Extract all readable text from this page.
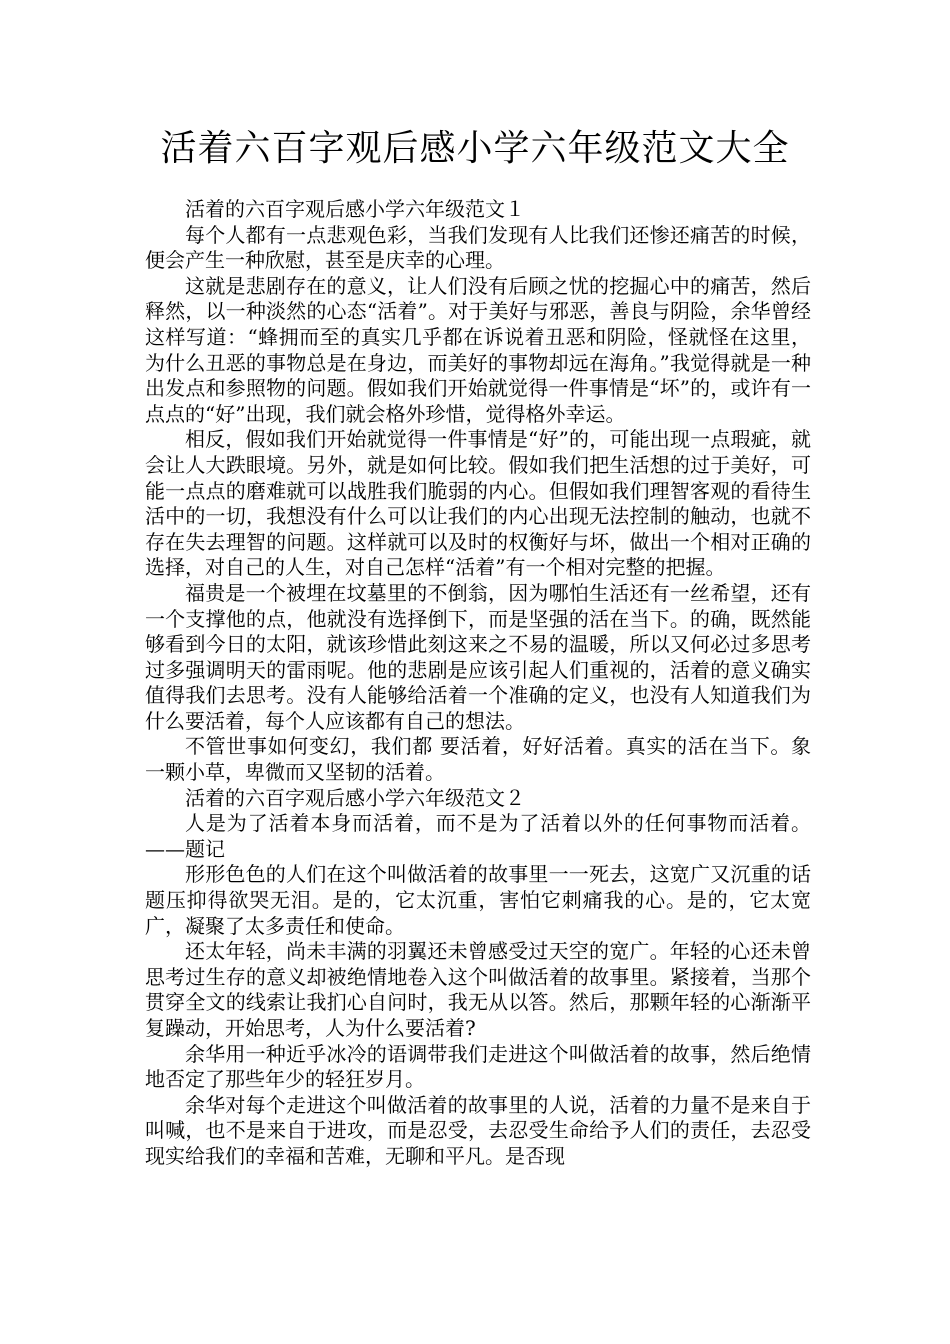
活着六百字观后感小学六年级范文大全

活着的六百字观后感小学六年级范文１

每个人都有一点悲观色彩，当我们发现有人比我们还惨还痛苦的时候，便会产生一种欣慰，甚至是庆幸的心理。

这就是悲剧存在的意义，让人们没有后顾之忧的挖掘心中的痛苦，然后释然，以一种淡然的心态“活着”。对于美好与邪恶，善良与阴险，余华曾经这样写道：“蜂拥而至的真实几乎都在诉说着丑恶和阴险，怪就怪在这里，为什么丑恶的事物总是在身边，而美好的事物却远在海角。”我觉得就是一种出发点和参照物的问题。假如我们开始就觉得一件事情是“坏”的，或许有一点点的“好”出现，我们就会格外珍惜，觉得格外幸运。

相反，假如我们开始就觉得一件事情是“好”的，可能出现一点瑕疵，就会让人大跌眼境。另外，就是如何比较。假如我们把生活想的过于美好，可能一点点的磨难就可以战胜我们脆弱的内心。但假如我们理智客观的看待生活中的一切，我想没有什么可以让我们的内心出现无法控制的触动，也就不存在失去理智的问题。这样就可以及时的权衡好与坏，做出一个相对正确的选择，对自己的人生，对自己怎样“活着”有一个相对完整的把握。

福贵是一个被埋在坟墓里的不倒翁，因为哪怕生活还有一丝希望，还有一个支撑他的点，他就没有选择倒下，而是坚强的活在当下。的确，既然能够看到今日的太阳，就该珍惜此刻这来之不易的温暖，所以又何必过多思考过多强调明天的雷雨呢。他的悲剧是应该引起人们重视的，活着的意义确实值得我们去思考。没有人能够给活着一个准确的定义，也没有人知道我们为什么要活着，每个人应该都有自己的想法。

不管世事如何变幻，我们都 要活着，好好活着。真实的活在当下。象一颗小草，卑微而又坚韧的活着。

活着的六百字观后感小学六年级范文２

人是为了活着本身而活着，而不是为了活着以外的任何事物而活着。——题记

形形色色的人们在这个叫做活着的故事里一一死去，这宽广又沉重的话题压抑得欲哭无泪。是的，它太沉重，害怕它刺痛我的心。是的，它太宽广，凝聚了太多责任和使命。

还太年轻，尚未丰满的羽翼还未曾感受过天空的宽广。年轻的心还未曾思考过生存的意义却被绝情地卷入这个叫做活着的故事里。紧接着，当那个贯穿全文的线索让我扪心自问时，我无从以答。然后，那颗年轻的心渐渐平复躁动，开始思考，人为什么要活着?

余华用一种近乎冰冷的语调带我们走进这个叫做活着的故事，然后绝情地否定了那些年少的轻狂岁月。

余华对每个走进这个叫做活着的故事里的人说，活着的力量不是来自于叫喊，也不是来自于进攻，而是忍受，去忍受生命给予人们的责任，去忍受现实给我们的幸福和苦难，无聊和平凡。是否现
